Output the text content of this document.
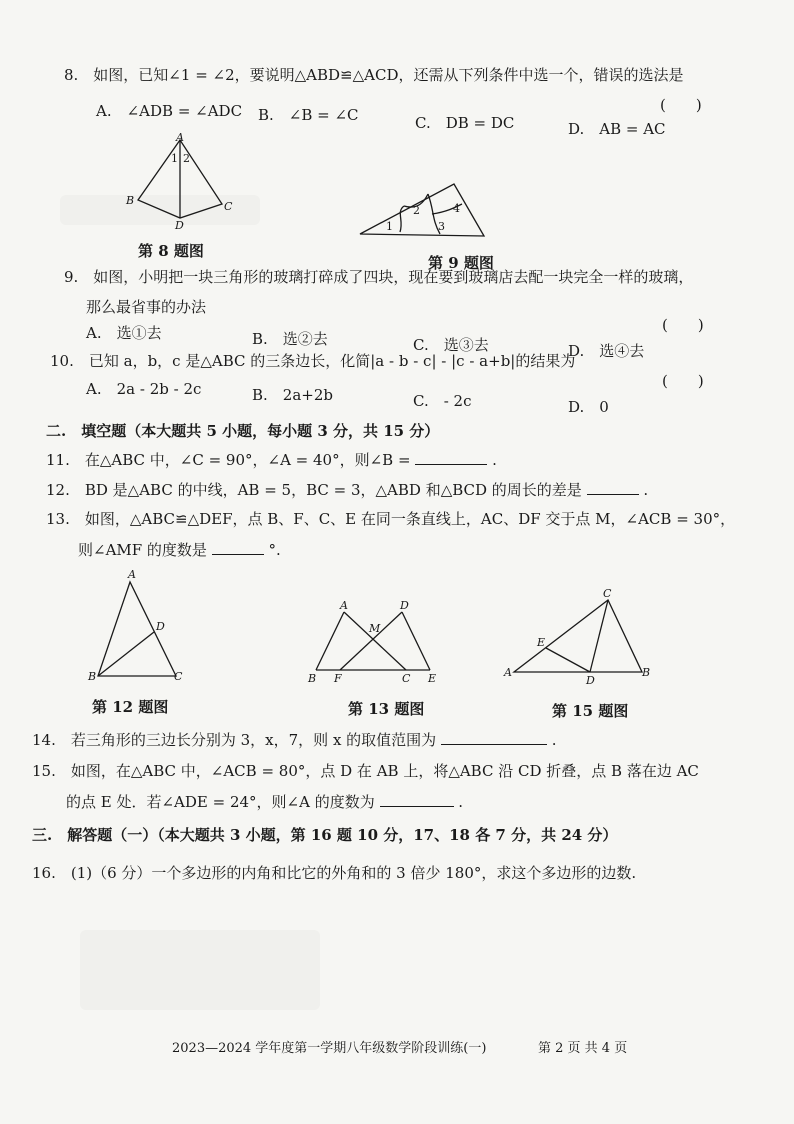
8.　如图，已知∠1 = ∠2，要说明△ABD≌△ACD，还需从下列条件中选一个，错误的选法是
(　　)
A.　∠ADB = ∠ADC B.　∠B = ∠C	C.　DB = DC	D.　AB = AC
A
B	C
D
1 2
第 8 题图
1
2
3
4
第 9 题图
9.　如图，小明把一块三角形的玻璃打碎成了四块，现在要到玻璃店去配一块完全一样的玻璃，
那么最省事的办法
(　　)
A.　选①去	B.　选②去	C.　选③去	D.　选④去
10.　已知 a，b，c 是△ABC 的三条边长，化简|a - b - c| - |c - a+b|的结果为
(　　)
A.　2a - 2b - 2c	B.　2a+2b	C.　- 2c	D.　0
二.　填空题（本大题共 5 小题，每小题 3 分，共 15 分）
11.　在△ABC 中，∠C = 90°，∠A = 40°，则∠B =	.
12.　BD 是△ABC 的中线，AB = 5，BC = 3，△ABD 和△BCD 的周长的差是	.
13.　如图，△ABC≌△DEF，点 B、F、C、E 在同一条直线上，AC、DF 交于点 M，∠ACB = 30°，
则∠AMF 的度数是	°.
A
B	C
D
第 12 题图
A	D
M
B F	C E
第 13 题图
C
E
A
D
B
第 15 题图
14.　若三角形的三边长分别为 3，x，7，则 x 的取值范围为	.
15.　如图，在△ABC 中，∠ACB = 80°，点 D 在 AB 上，将△ABC 沿 CD 折叠，点 B 落在边 AC
的点 E 处．若∠ADE = 24°，则∠A 的度数为	.
三.　解答题（一）（本大题共 3 小题，第 16 题 10 分，17、18 各 7 分，共 24 分）
16.　(1)（6 分）一个多边形的内角和比它的外角和的 3 倍少 180°，求这个多边形的边数.
2023—2024 学年度第一学期八年级数学阶段训练(一)	第 2 页 共 4 页
